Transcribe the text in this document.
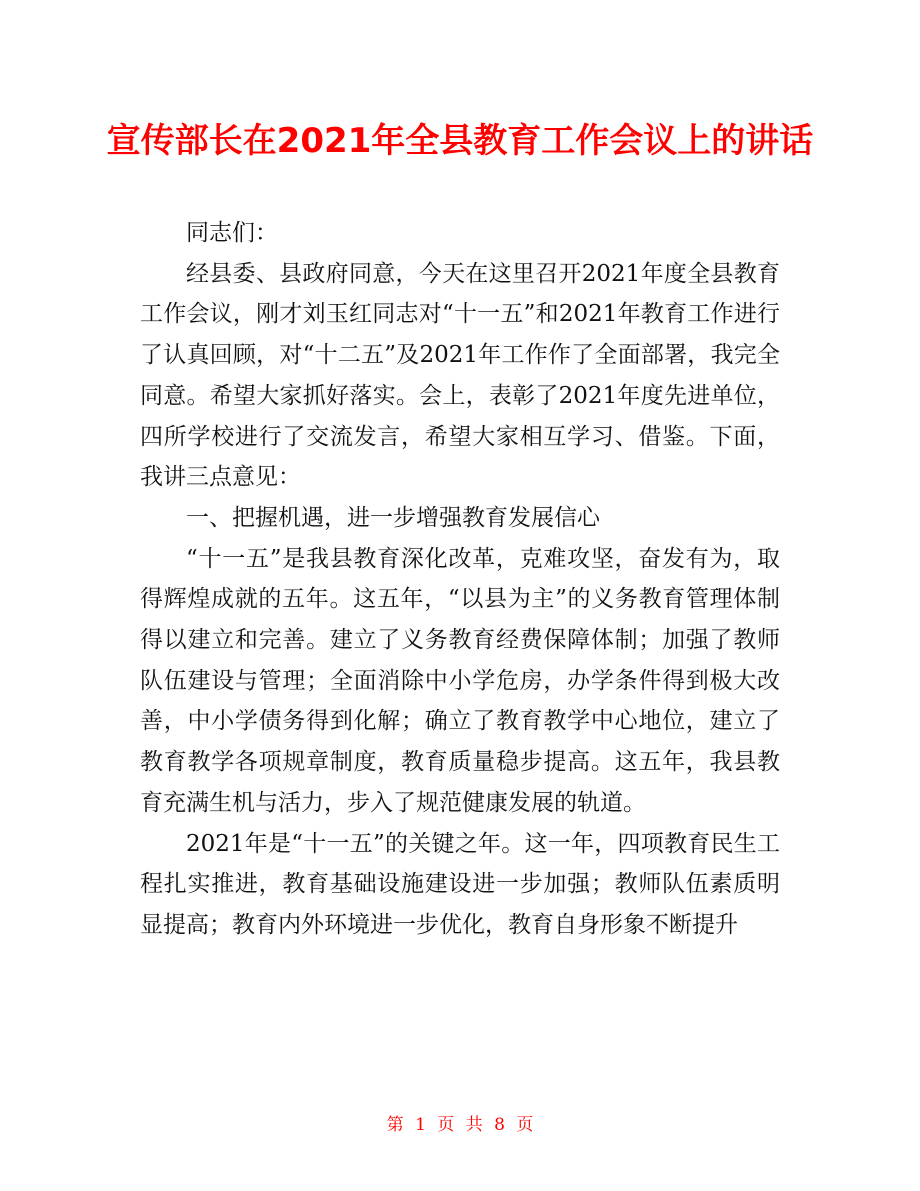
宣传部长在2021年全县教育工作会议上的讲话

同志们：

经县委、县政府同意，今天在这里召开2021年度全县教育工作会议，刚才刘玉红同志对“十一五”和2021年教育工作进行了认真回顾，对“十二五”及2021年工作作了全面部署，我完全同意。希望大家抓好落实。会上，表彰了2021年度先进单位，四所学校进行了交流发言，希望大家相互学习、借鉴。下面，我讲三点意见：

一、把握机遇，进一步增强教育发展信心

“十一五”是我县教育深化改革，克难攻坚，奋发有为，取得辉煌成就的五年。这五年，“以县为主”的义务教育管理体制得以建立和完善。建立了义务教育经费保障体制；加强了教师队伍建设与管理；全面消除中小学危房，办学条件得到极大改善，中小学债务得到化解；确立了教育教学中心地位，建立了教育教学各项规章制度，教育质量稳步提高。这五年，我县教育充满生机与活力，步入了规范健康发展的轨道。

2021年是“十一五”的关键之年。这一年，四项教育民生工程扎实推进，教育基础设施建设进一步加强；教师队伍素质明显提高；教育内外环境进一步优化，教育自身形象不断提升

第 1 页 共 8 页
